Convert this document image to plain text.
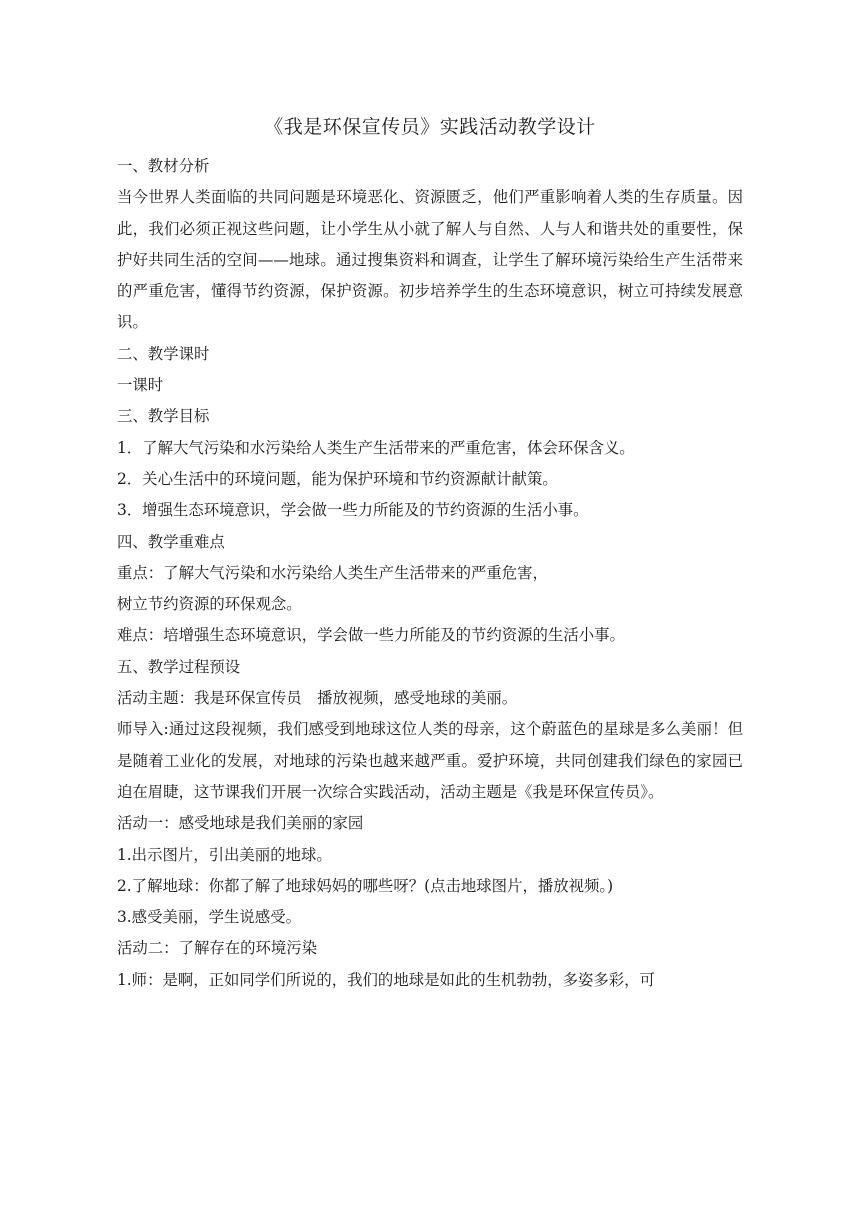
《我是环保宣传员》实践活动教学设计

一、教材分析

当今世界人类面临的共同问题是环境恶化、资源匮乏，他们严重影响着人类的生存质量。因此，我们必须正视这些问题，让小学生从小就了解人与自然、人与人和谐共处的重要性，保护好共同生活的空间——地球。通过搜集资料和调查，让学生了解环境污染给生产生活带来的严重危害，懂得节约资源，保护资源。初步培养学生的生态环境意识，树立可持续发展意识。

二、教学课时

一课时

三、教学目标

1．了解大气污染和水污染给人类生产生活带来的严重危害，体会环保含义。

2．关心生活中的环境问题，能为保护环境和节约资源献计献策。

3．增强生态环境意识，学会做一些力所能及的节约资源的生活小事。

四、教学重难点

重点：了解大气污染和水污染给人类生产生活带来的严重危害，

树立节约资源的环保观念。

难点：培增强生态环境意识，学会做一些力所能及的节约资源的生活小事。

五、教学过程预设

活动主题：我是环保宣传员　播放视频，感受地球的美丽。

师导入:通过这段视频，我们感受到地球这位人类的母亲，这个蔚蓝色的星球是多么美丽！但是随着工业化的发展，对地球的污染也越来越严重。爱护环境，共同创建我们绿色的家园已迫在眉睫，这节课我们开展一次综合实践活动，活动主题是《我是环保宣传员》。

活动一：感受地球是我们美丽的家园

1.出示图片，引出美丽的地球。

2.了解地球：你都了解了地球妈妈的哪些呀？(点击地球图片，播放视频。)

3.感受美丽，学生说感受。

活动二：了解存在的环境污染

1.师：是啊，正如同学们所说的，我们的地球是如此的生机勃勃，多姿多彩，可
